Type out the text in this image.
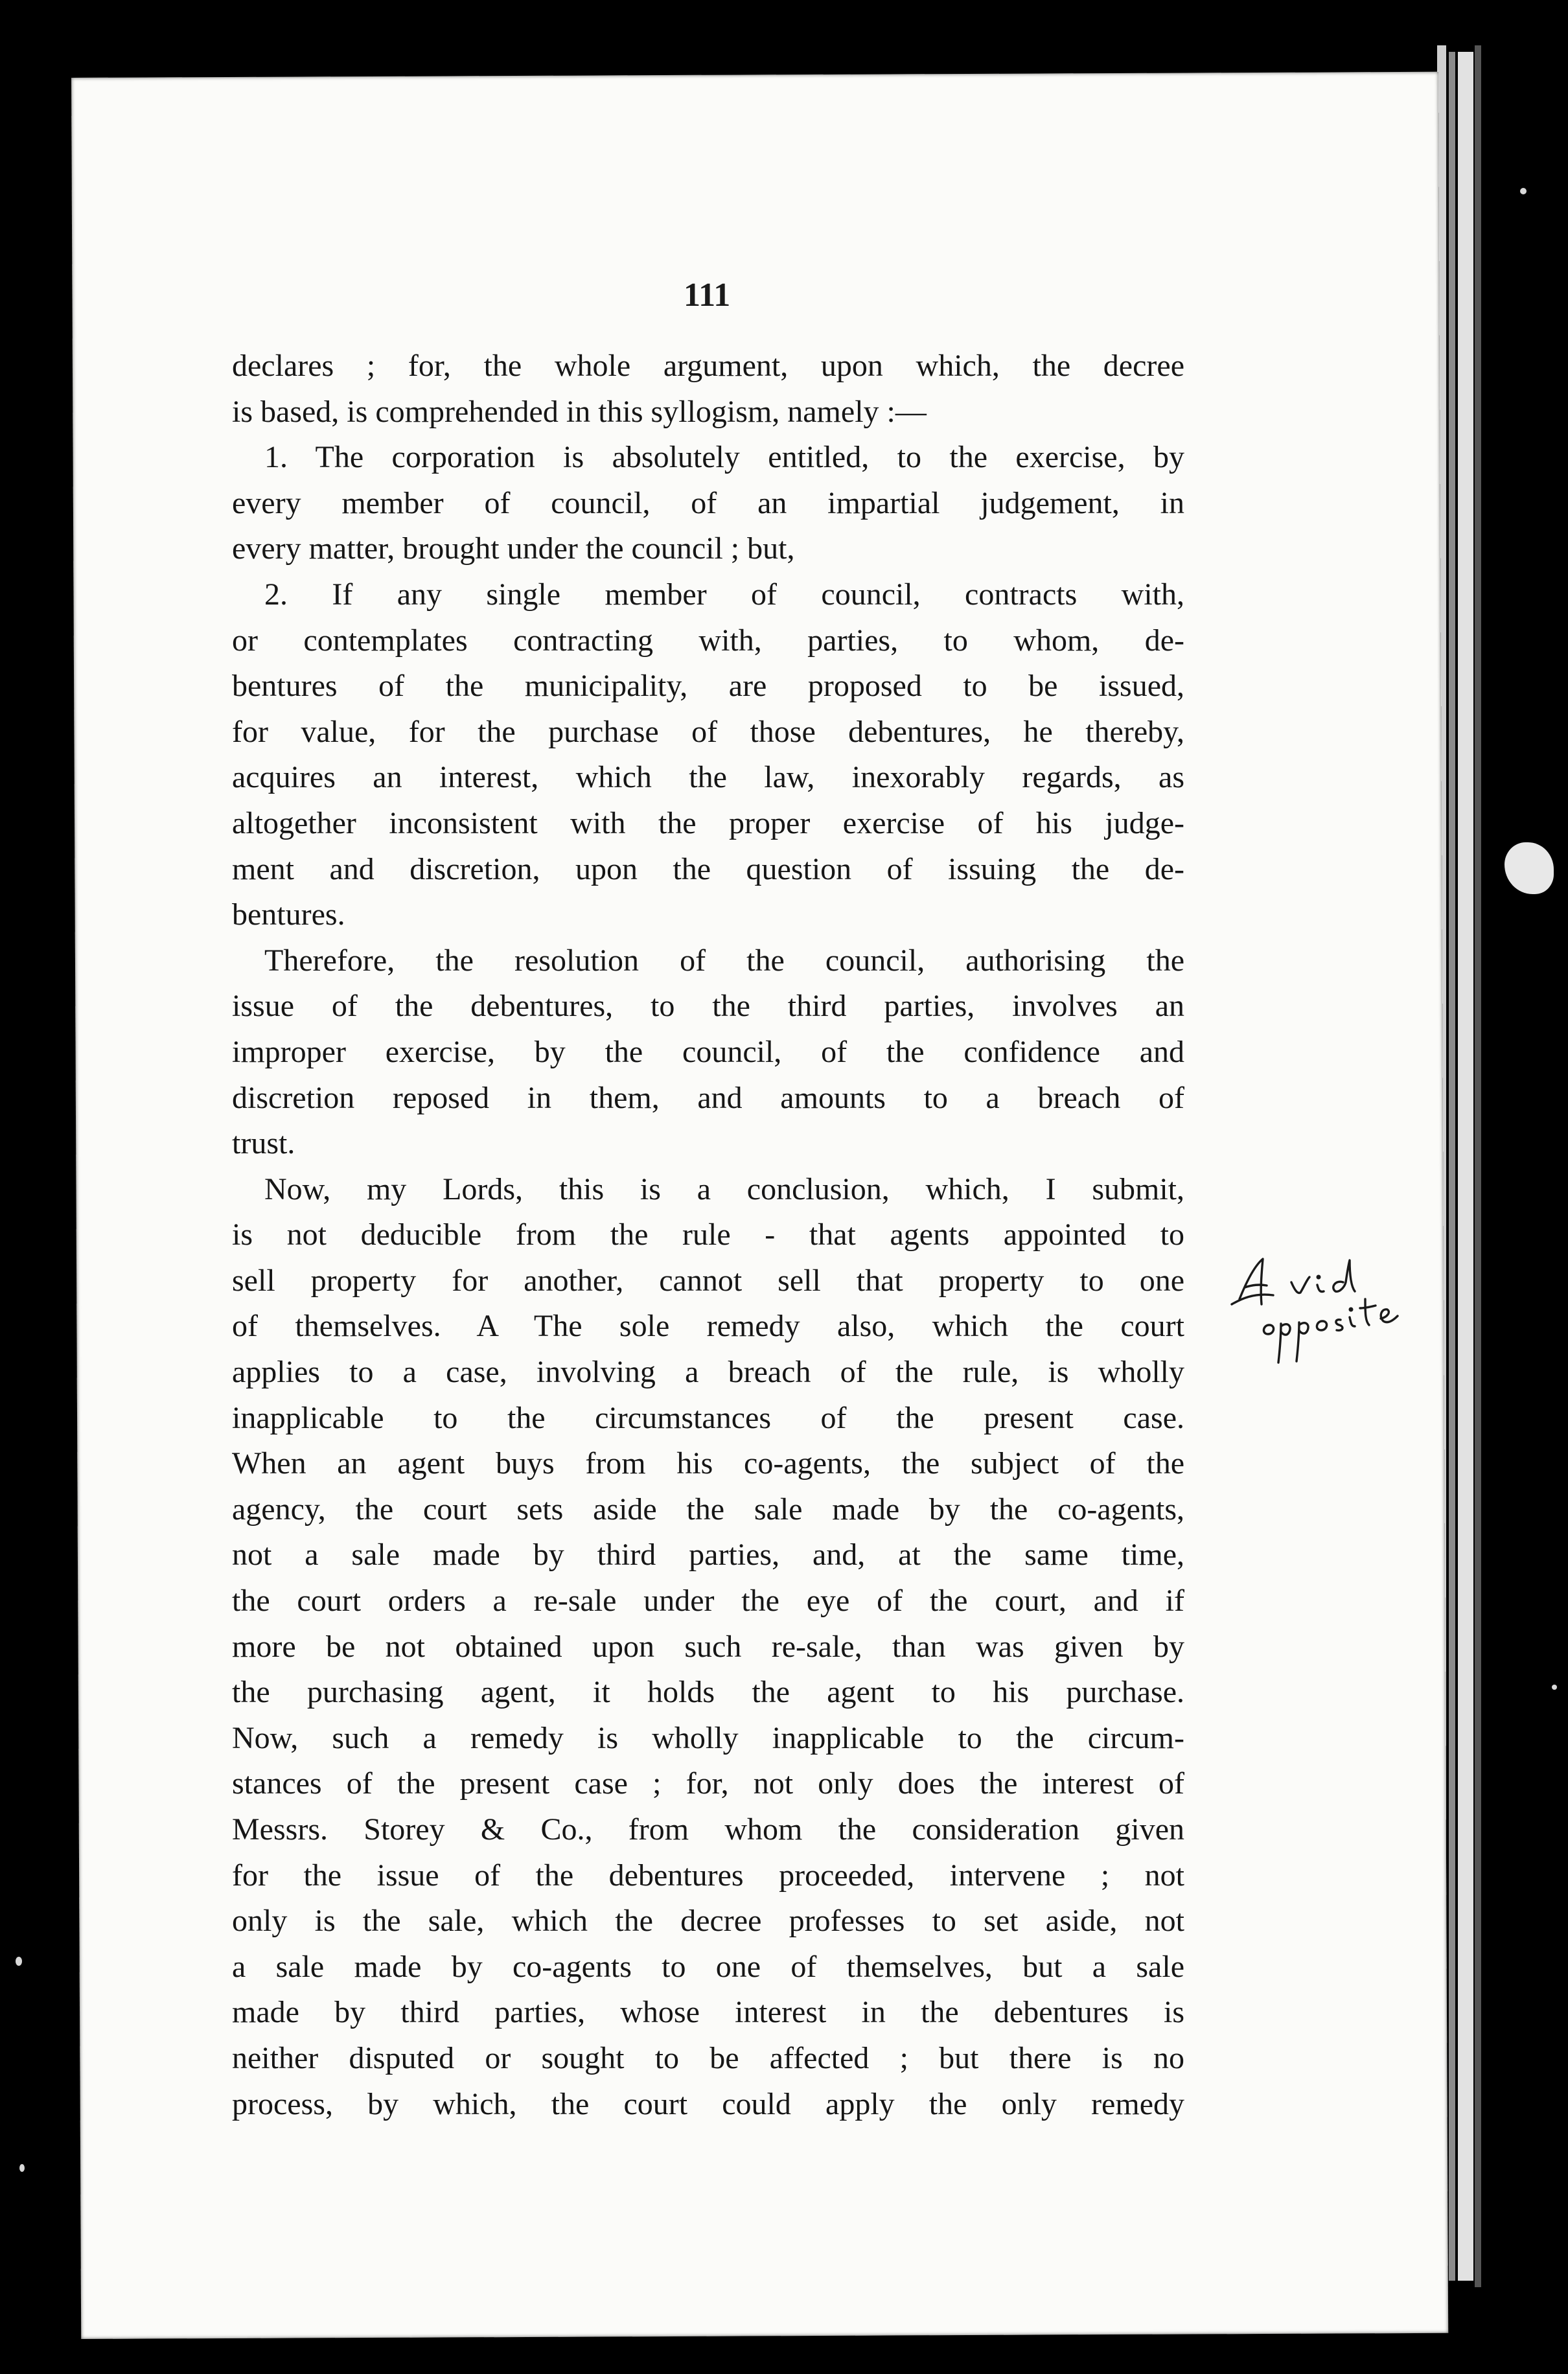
111
declares ; for, the whole argument, upon which, the decree
is based, is comprehended in this syllogism, namely :—
1. The corporation is absolutely entitled, to the exercise, by
every member of council, of an impartial judgement, in
every matter, brought under the council ; but,
2. If any single member of council, contracts with,
or contemplates contracting with, parties, to whom, de-
bentures of the municipality, are proposed to be issued,
for value, for the purchase of those debentures, he thereby,
acquires an interest, which the law, inexorably regards, as
altogether inconsistent with the proper exercise of his judge-
ment and discretion, upon the question of issuing the de-
bentures.
Therefore, the resolution of the council, authorising the
issue of the debentures, to the third parties, involves an
improper exercise, by the council, of the confidence and
discretion reposed in them, and amounts to a breach of
trust.
Now, my Lords, this is a conclusion, which, I submit,
is not deducible from the rule - that agents appointed to
sell property for another, cannot sell that property to one
of themselves. A The sole remedy also, which the court
applies to a case, involving a breach of the rule, is wholly
inapplicable to the circumstances of the present case.
When an agent buys from his co-agents, the subject of the
agency, the court sets aside the sale made by the co-agents,
not a sale made by third parties, and, at the same time,
the court orders a re-sale under the eye of the court, and if
more be not obtained upon such re-sale, than was given by
the purchasing agent, it holds the agent to his purchase.
Now, such a remedy is wholly inapplicable to the circum-
stances of the present case ; for, not only does the interest of
Messrs. Storey & Co., from whom the consideration given
for the issue of the debentures proceeded, intervene ; not
only is the sale, which the decree professes to set aside, not
a sale made by co-agents to one of themselves, but a sale
made by third parties, whose interest in the debentures is
neither disputed or sought to be affected ; but there is no
process, by which, the court could apply the only remedy
